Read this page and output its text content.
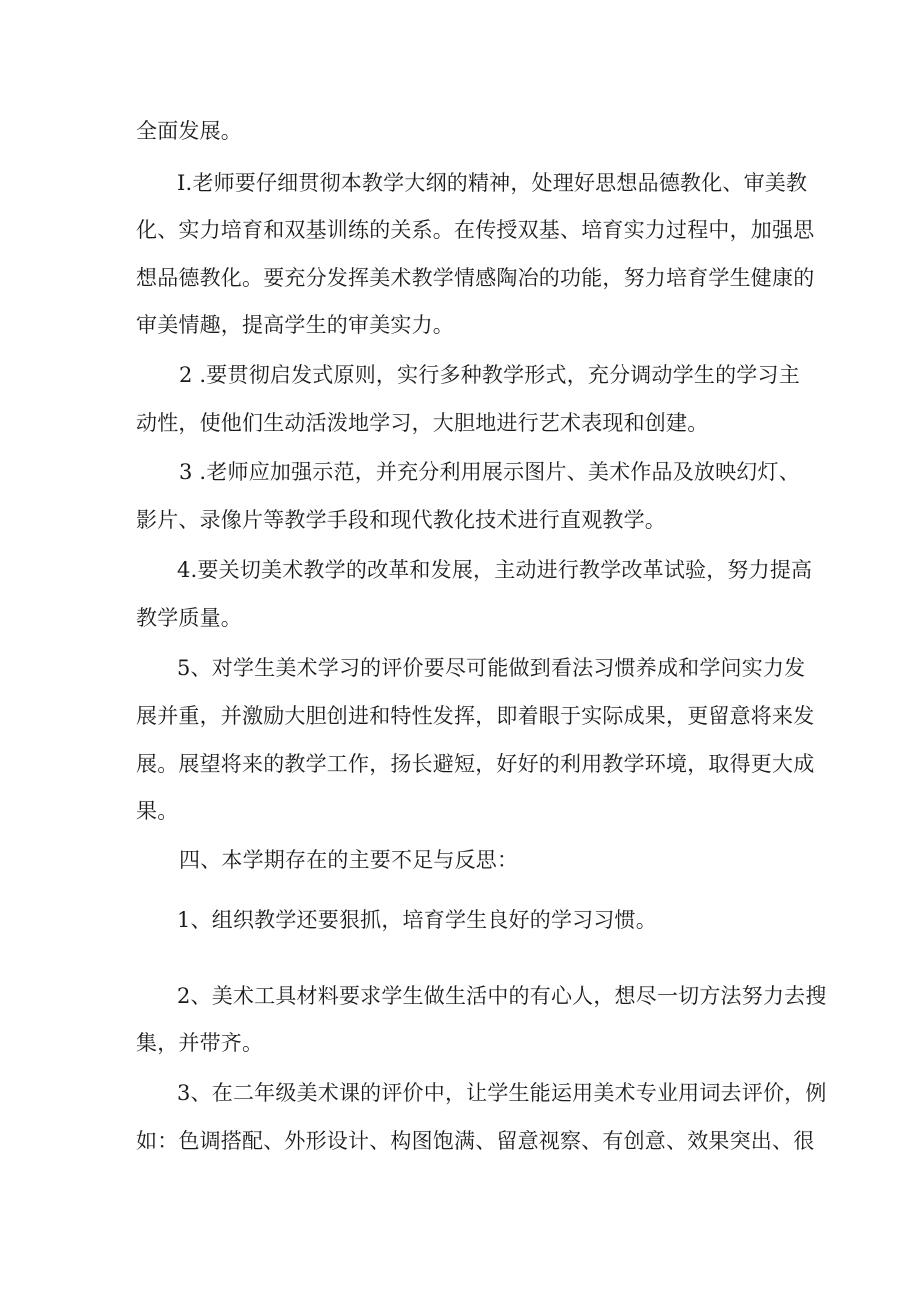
全面发展。
I.老师要仔细贯彻本教学大纲的精神，处理好思想品德教化、审美教
化、实力培育和双基训练的关系。在传授双基、培育实力过程中，加强思
想品德教化。要充分发挥美术教学情感陶冶的功能，努力培育学生健康的
审美情趣，提高学生的审美实力。
2 .要贯彻启发式原则，实行多种教学形式，充分调动学生的学习主
动性，使他们生动活泼地学习，大胆地进行艺术表现和创建。
3 .老师应加强示范，并充分利用展示图片、美术作品及放映幻灯、
影片、录像片等教学手段和现代教化技术进行直观教学。
4.要关切美术教学的改革和发展，主动进行教学改革试验，努力提高
教学质量。
5、对学生美术学习的评价要尽可能做到看法习惯养成和学问实力发
展并重，并激励大胆创进和特性发挥，即着眼于实际成果，更留意将来发
展。展望将来的教学工作，扬长避短，好好的利用教学环境，取得更大成
果。
四、本学期存在的主要不足与反思：
1、组织教学还要狠抓，培育学生良好的学习习惯。
2、美术工具材料要求学生做生活中的有心人，想尽一切方法努力去搜
集，并带齐。
3、在二年级美术课的评价中，让学生能运用美术专业用词去评价，例
如：色调搭配、外形设计、构图饱满、留意视察、有创意、效果突出、很
